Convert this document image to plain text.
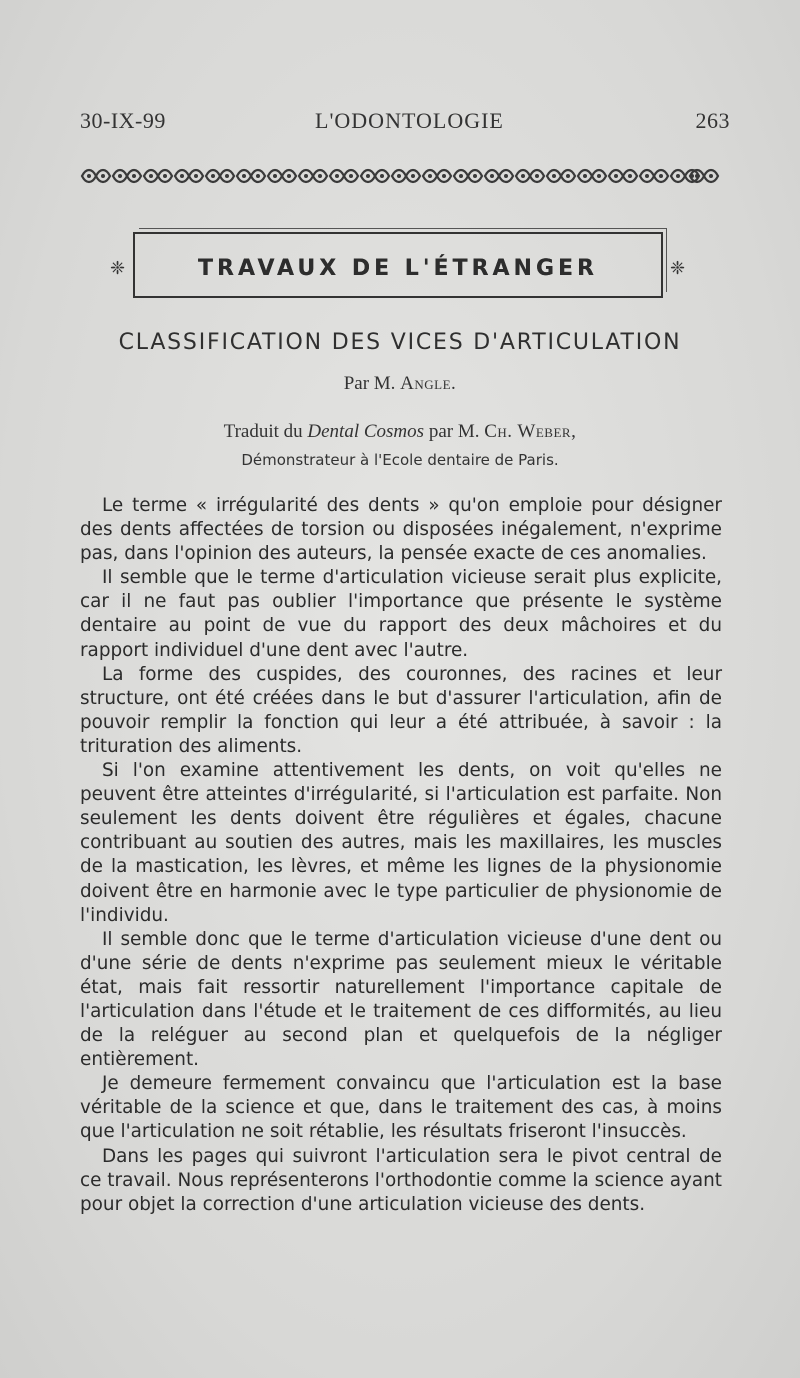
30-IX-99	L'ODONTOLOGIE	263
❈	TRAVAUX DE L'ÉTRANGER	❈
CLASSIFICATION DES VICES D'ARTICULATION
Par M. Angle.
Traduit du Dental Cosmos par M. Ch. Weber,
Démonstrateur à l'Ecole dentaire de Paris.

Le terme « irrégularité des dents » qu'on emploie pour désigner des dents affectées de torsion ou disposées inégalement, n'exprime pas, dans l'opinion des auteurs, la pensée exacte de ces anomalies.

Il semble que le terme d'articulation vicieuse serait plus explicite, car il ne faut pas oublier l'importance que présente le système dentaire au point de vue du rapport des deux mâchoires et du rapport individuel d'une dent avec l'autre.

La forme des cuspides, des couronnes, des racines et leur structure, ont été créées dans le but d'assurer l'articulation, afin de pouvoir remplir la fonction qui leur a été attribuée, à savoir : la trituration des aliments.

Si l'on examine attentivement les dents, on voit qu'elles ne peuvent être atteintes d'irrégularité, si l'articulation est parfaite. Non seulement les dents doivent être régulières et égales, chacune contribuant au soutien des autres, mais les maxillaires, les muscles de la mastication, les lèvres, et même les lignes de la physionomie doivent être en harmonie avec le type particulier de physionomie de l'individu.

Il semble donc que le terme d'articulation vicieuse d'une dent ou d'une série de dents n'exprime pas seulement mieux le véritable état, mais fait ressortir naturellement l'importance capitale de l'articulation dans l'étude et le traitement de ces difformités, au lieu de la reléguer au second plan et quelquefois de la négliger entièrement.

Je demeure fermement convaincu que l'articulation est la base véritable de la science et que, dans le traitement des cas, à moins que l'articulation ne soit rétablie, les résultats friseront l'insuccès.

Dans les pages qui suivront l'articulation sera le pivot central de ce travail. Nous représenterons l'orthodontie comme la science ayant pour objet la correction d'une articulation vicieuse des dents.
